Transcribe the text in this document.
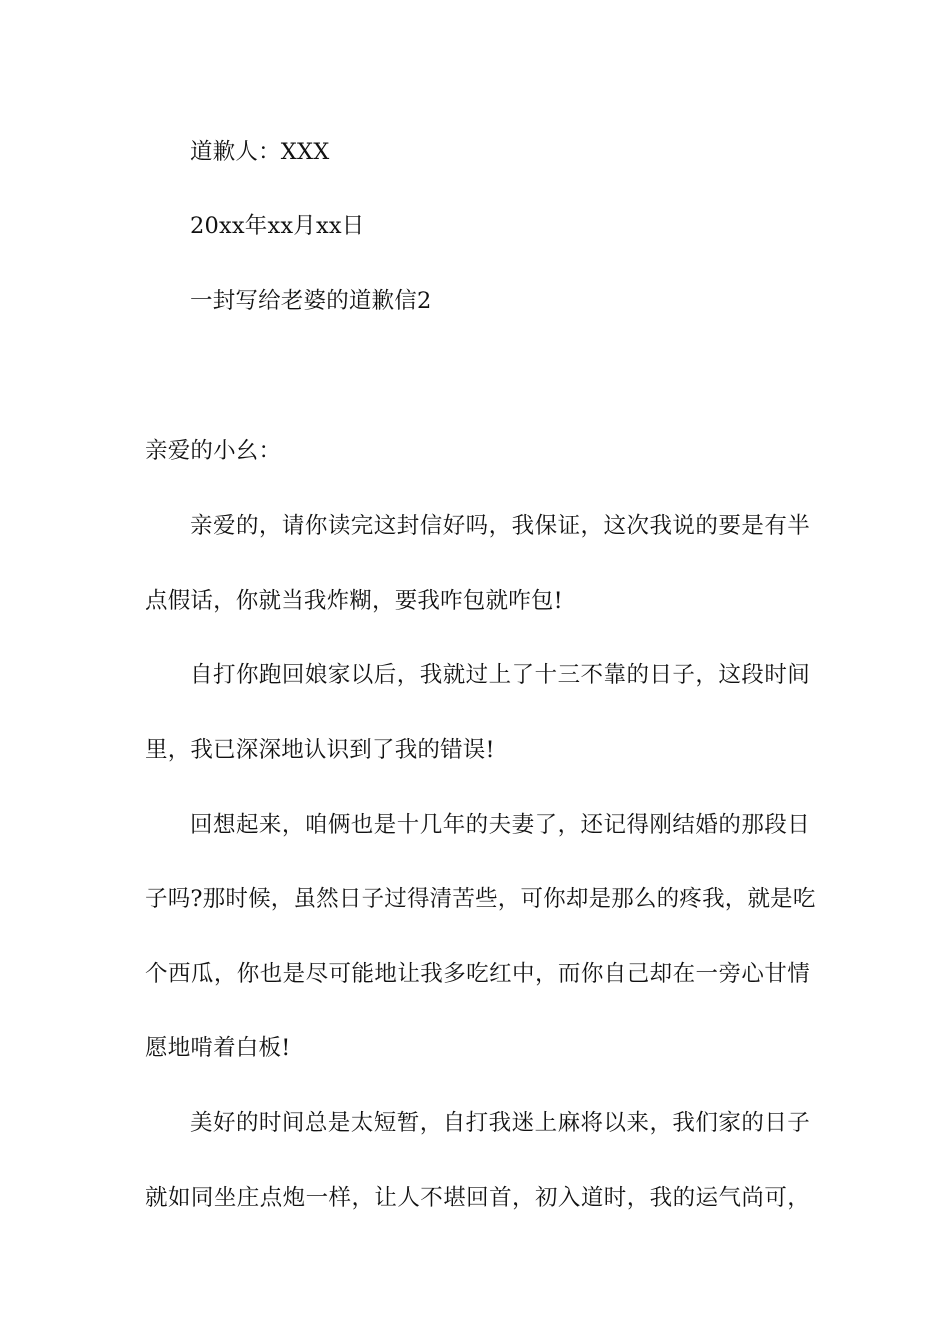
道歉人：XXX
20xx年xx月xx日
一封写给老婆的道歉信2
亲爱的小幺：
亲爱的，请你读完这封信好吗，我保证，这次我说的要是有半
点假话，你就当我炸糊，要我咋包就咋包!
自打你跑回娘家以后，我就过上了十三不靠的日子，这段时间
里，我已深深地认识到了我的错误!
回想起来，咱俩也是十几年的夫妻了，还记得刚结婚的那段日
子吗?那时候，虽然日子过得清苦些，可你却是那么的疼我，就是吃
个西瓜，你也是尽可能地让我多吃红中，而你自己却在一旁心甘情
愿地啃着白板!
美好的时间总是太短暂，自打我迷上麻将以来，我们家的日子
就如同坐庄点炮一样，让人不堪回首，初入道时，我的运气尚可，
